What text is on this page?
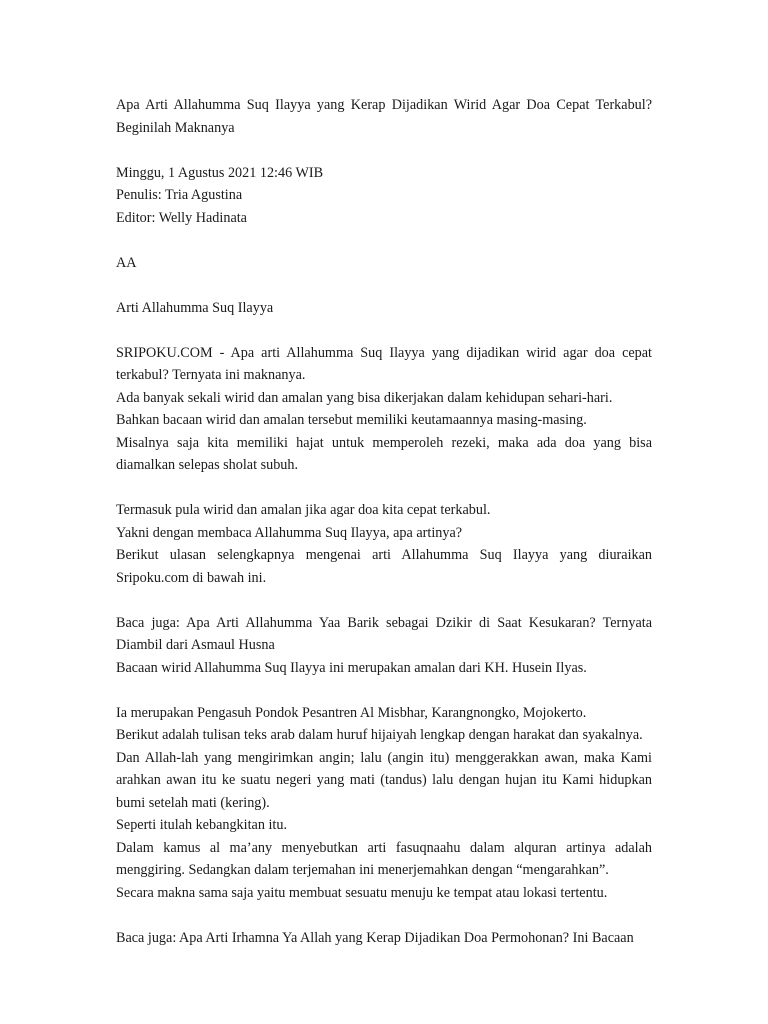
Apa Arti Allahumma Suq Ilayya yang Kerap Dijadikan Wirid Agar Doa Cepat Terkabul? Beginilah Maknanya

Minggu, 1 Agustus 2021 12:46 WIB

Penulis: Tria Agustina

Editor: Welly Hadinata

AA

Arti Allahumma Suq Ilayya

SRIPOKU.COM - Apa arti Allahumma Suq Ilayya yang dijadikan wirid agar doa cepat terkabul? Ternyata ini maknanya.

Ada banyak sekali wirid dan amalan yang bisa dikerjakan dalam kehidupan sehari-hari.

Bahkan bacaan wirid dan amalan tersebut memiliki keutamaannya masing-masing.

Misalnya saja kita memiliki hajat untuk memperoleh rezeki, maka ada doa yang bisa diamalkan selepas sholat subuh.

Termasuk pula wirid dan amalan jika agar doa kita cepat terkabul.

Yakni dengan membaca Allahumma Suq Ilayya, apa artinya?

Berikut ulasan selengkapnya mengenai arti Allahumma Suq Ilayya yang diuraikan Sripoku.com di bawah ini.

Baca juga: Apa Arti Allahumma Yaa Barik sebagai Dzikir di Saat Kesukaran? Ternyata Diambil dari Asmaul Husna

Bacaan wirid Allahumma Suq Ilayya ini merupakan amalan dari KH. Husein Ilyas.

Ia merupakan Pengasuh Pondok Pesantren Al Misbhar, Karangnongko, Mojokerto.

Berikut adalah tulisan teks arab dalam huruf hijaiyah lengkap dengan harakat dan syakalnya.

Dan Allah-lah yang mengirimkan angin; lalu (angin itu) menggerakkan awan, maka Kami arahkan awan itu ke suatu negeri yang mati (tandus) lalu dengan hujan itu Kami hidupkan bumi setelah mati (kering).

Seperti itulah kebangkitan itu.

Dalam kamus al ma’any menyebutkan arti fasuqnaahu dalam alquran artinya adalah menggiring. Sedangkan dalam terjemahan ini menerjemahkan dengan “mengarahkan”.

Secara makna sama saja yaitu membuat sesuatu menuju ke tempat atau lokasi tertentu.

Baca juga: Apa Arti Irhamna Ya Allah yang Kerap Dijadikan Doa Permohonan? Ini Bacaan
